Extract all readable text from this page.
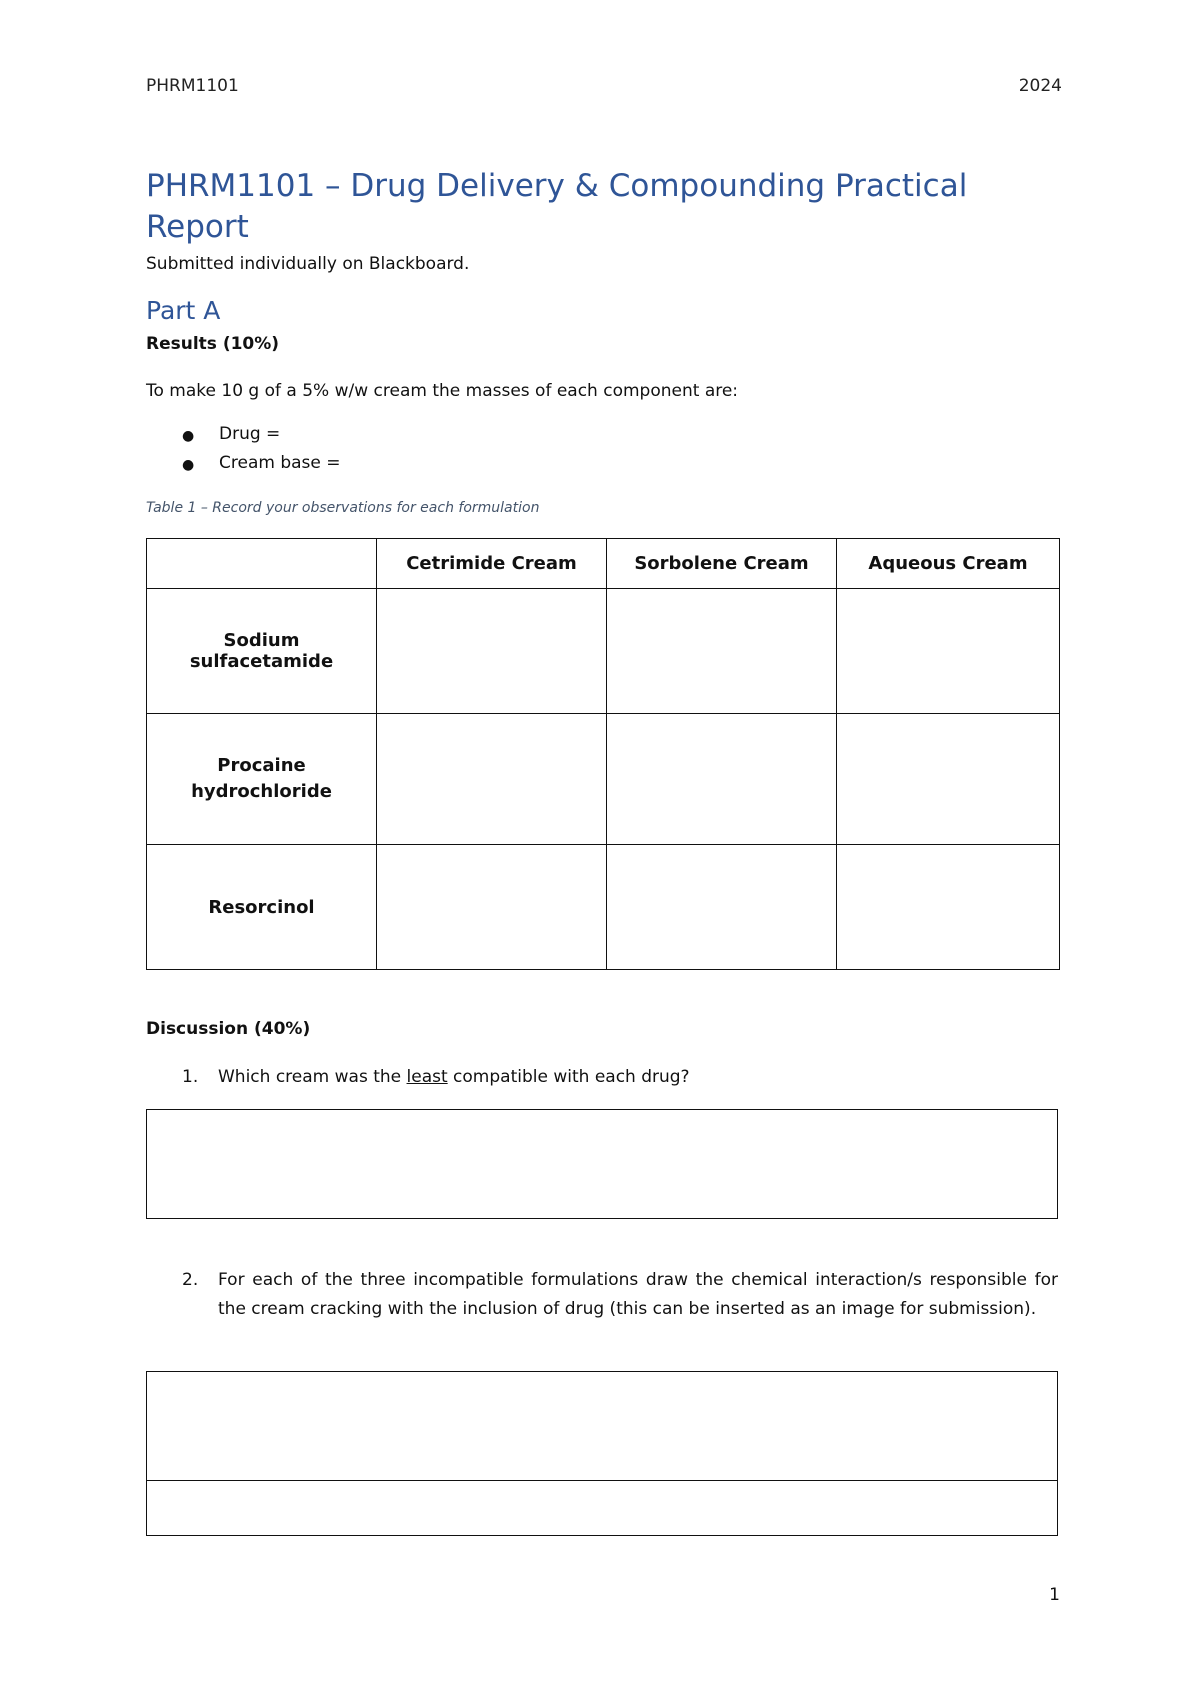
PHRM1101	2024
PHRM1101 – Drug Delivery & Compounding Practical Report
Submitted individually on Blackboard.
Part A
Results (10%)
To make 10 g of a 5% w/w cream the masses of each component are:
● Drug =
● Cream base =
Table 1 – Record your observations for each formulation
	Cetrimide Cream	Sorbolene Cream	Aqueous Cream
Sodium sulfacetamide			
Procaine hydrochloride			
Resorcinol			
Discussion (40%)
1. Which cream was the least compatible with each drug?
2. For each of the three incompatible formulations draw the chemical interaction/s responsible for the cream cracking with the inclusion of drug (this can be inserted as an image for submission).
1
